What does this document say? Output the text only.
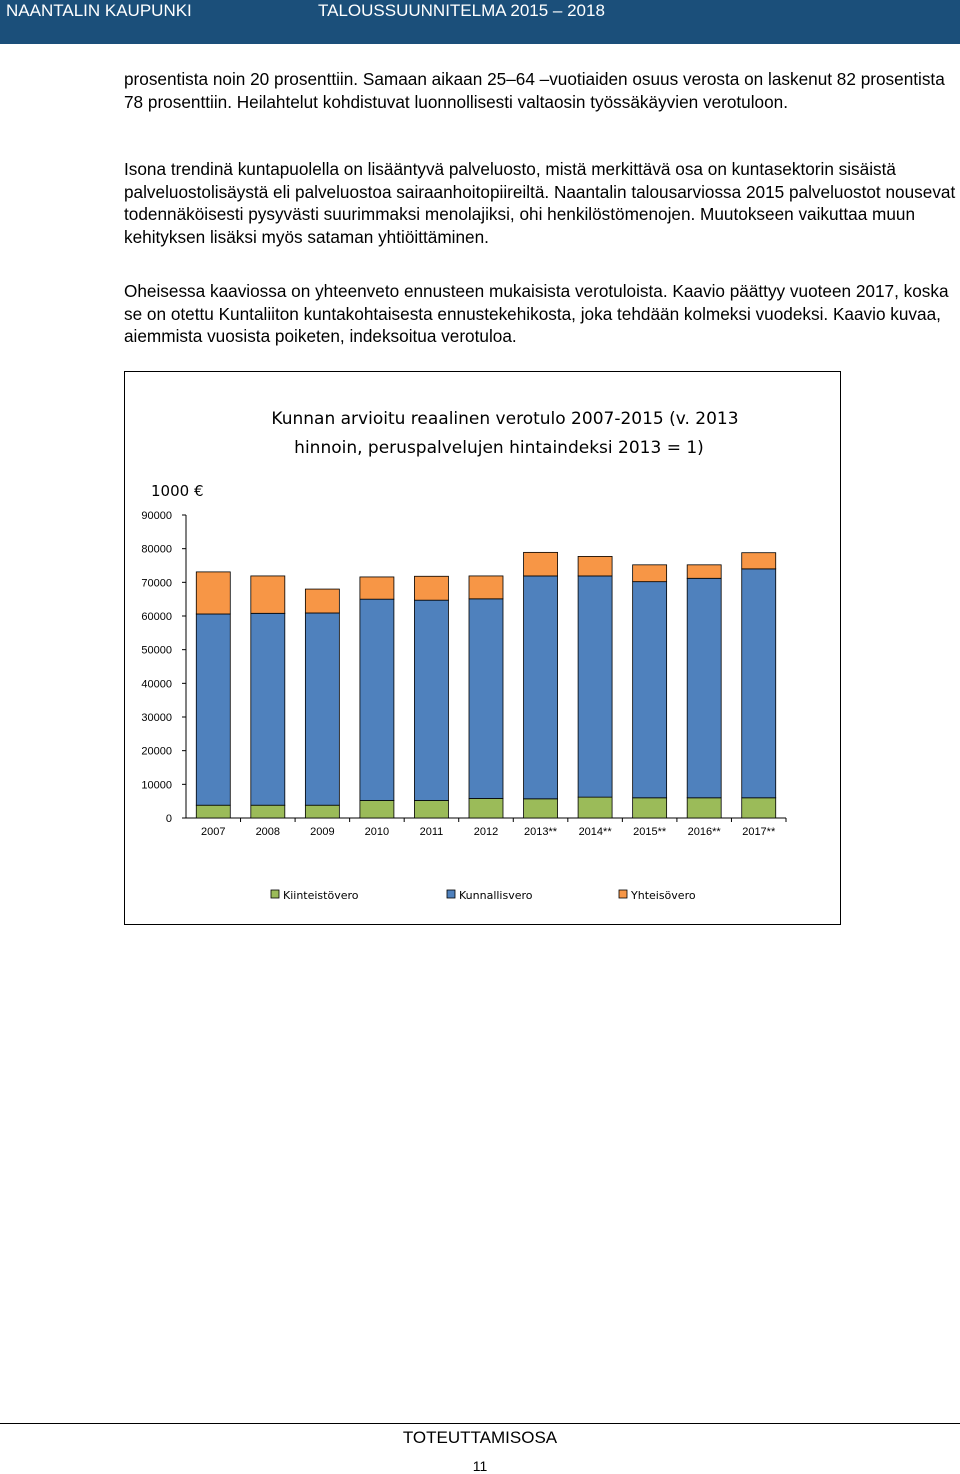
NAANTALIN KAUPUNKI	TALOUSSUUNNITELMA 2015 – 2018

prosentista noin 20 prosenttiin. Samaan aikaan 25–64 –vuotiaiden osuus verosta on laskenut 82 prosentista 78 prosenttiin. Heilahtelut kohdistuvat luonnollisesti valtaosin työssäkäyvien verotuloon.

Isona trendinä kuntapuolella on lisääntyvä palveluosto, mistä merkittävä osa on kuntasektorin sisäistä palveluostolisäystä eli palveluostoa sairaanhoitopiireiltä. Naantalin talousarviossa 2015 palveluostot nousevat todennäköisesti pysyvästi suurimmaksi menolajiksi, ohi henkilöstömenojen. Muutokseen vaikuttaa muun kehityksen lisäksi myös sataman yhtiöittäminen.

Oheisessa kaaviossa on yhteenveto ennusteen mukaisista verotuloista. Kaavio päättyy vuoteen 2017, koska se on otettu Kuntaliiton kuntakohtaisesta ennustekehikosta, joka tehdään kolmeksi vuodeksi. Kaavio kuvaa, aiemmista vuosista poiketen, indeksoitua verotuloa.

Kunnan arvioitu reaalinen verotulo 2007-2015 (v. 2013
hinnoin, peruspalvelujen hintaindeksi 2013 = 1)
1000 €
90000
80000
70000
60000
50000
40000
30000
20000
10000
0
2007	2008	2009	2010	2011	2012 2013** 2014** 2015** 2016** 2017**
Kiinteistövero	Kunnallisvero	Yhteisövero
TOTEUTTAMISOSA
11
